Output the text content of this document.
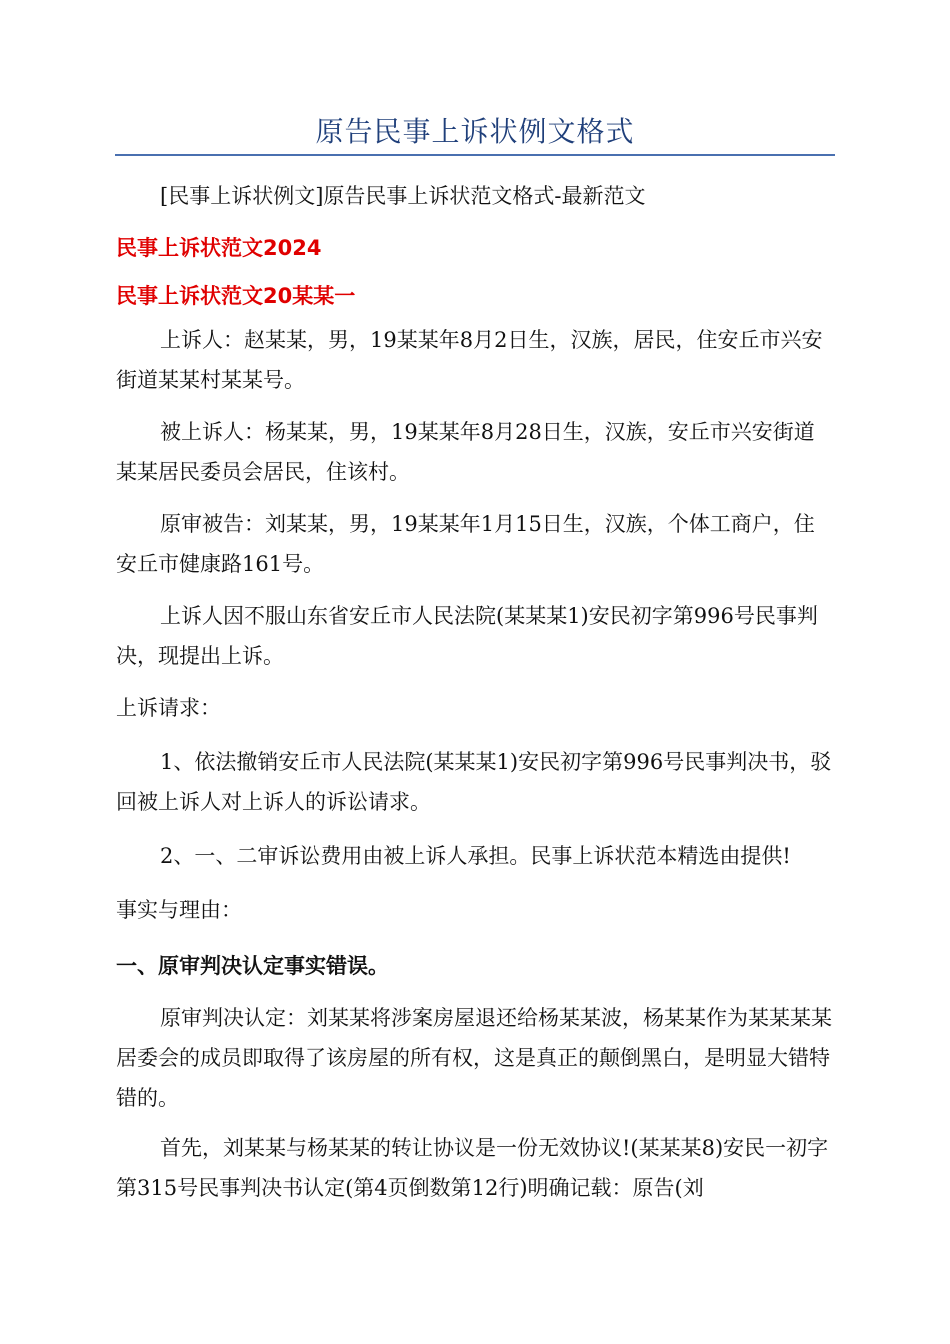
原告民事上诉状例文格式

[民事上诉状例文]原告民事上诉状范文格式-最新范文

民事上诉状范文2024
民事上诉状范文20某某一

上诉人：赵某某，男，19某某年8月2日生，汉族，居民，住安丘市兴安街道某某村某某号。

被上诉人：杨某某，男，19某某年8月28日生，汉族，安丘市兴安街道某某居民委员会居民，住该村。

原审被告：刘某某，男，19某某年1月15日生，汉族，个体工商户，住安丘市健康路161号。

上诉人因不服山东省安丘市人民法院(某某某1)安民初字第996号民事判决，现提出上诉。

上诉请求：

1、依法撤销安丘市人民法院(某某某1)安民初字第996号民事判决书，驳回被上诉人对上诉人的诉讼请求。

2、一、二审诉讼费用由被上诉人承担。民事上诉状范本精选由提供!

事实与理由：

一、原审判决认定事实错误。

原审判决认定：刘某某将涉案房屋退还给杨某某波，杨某某作为某某某某居委会的成员即取得了该房屋的所有权，这是真正的颠倒黑白，是明显大错特错的。

首先，刘某某与杨某某的转让协议是一份无效协议!(某某某8)安民一初字第315号民事判决书认定(第4页倒数第12行)明确记载：原告(刘
